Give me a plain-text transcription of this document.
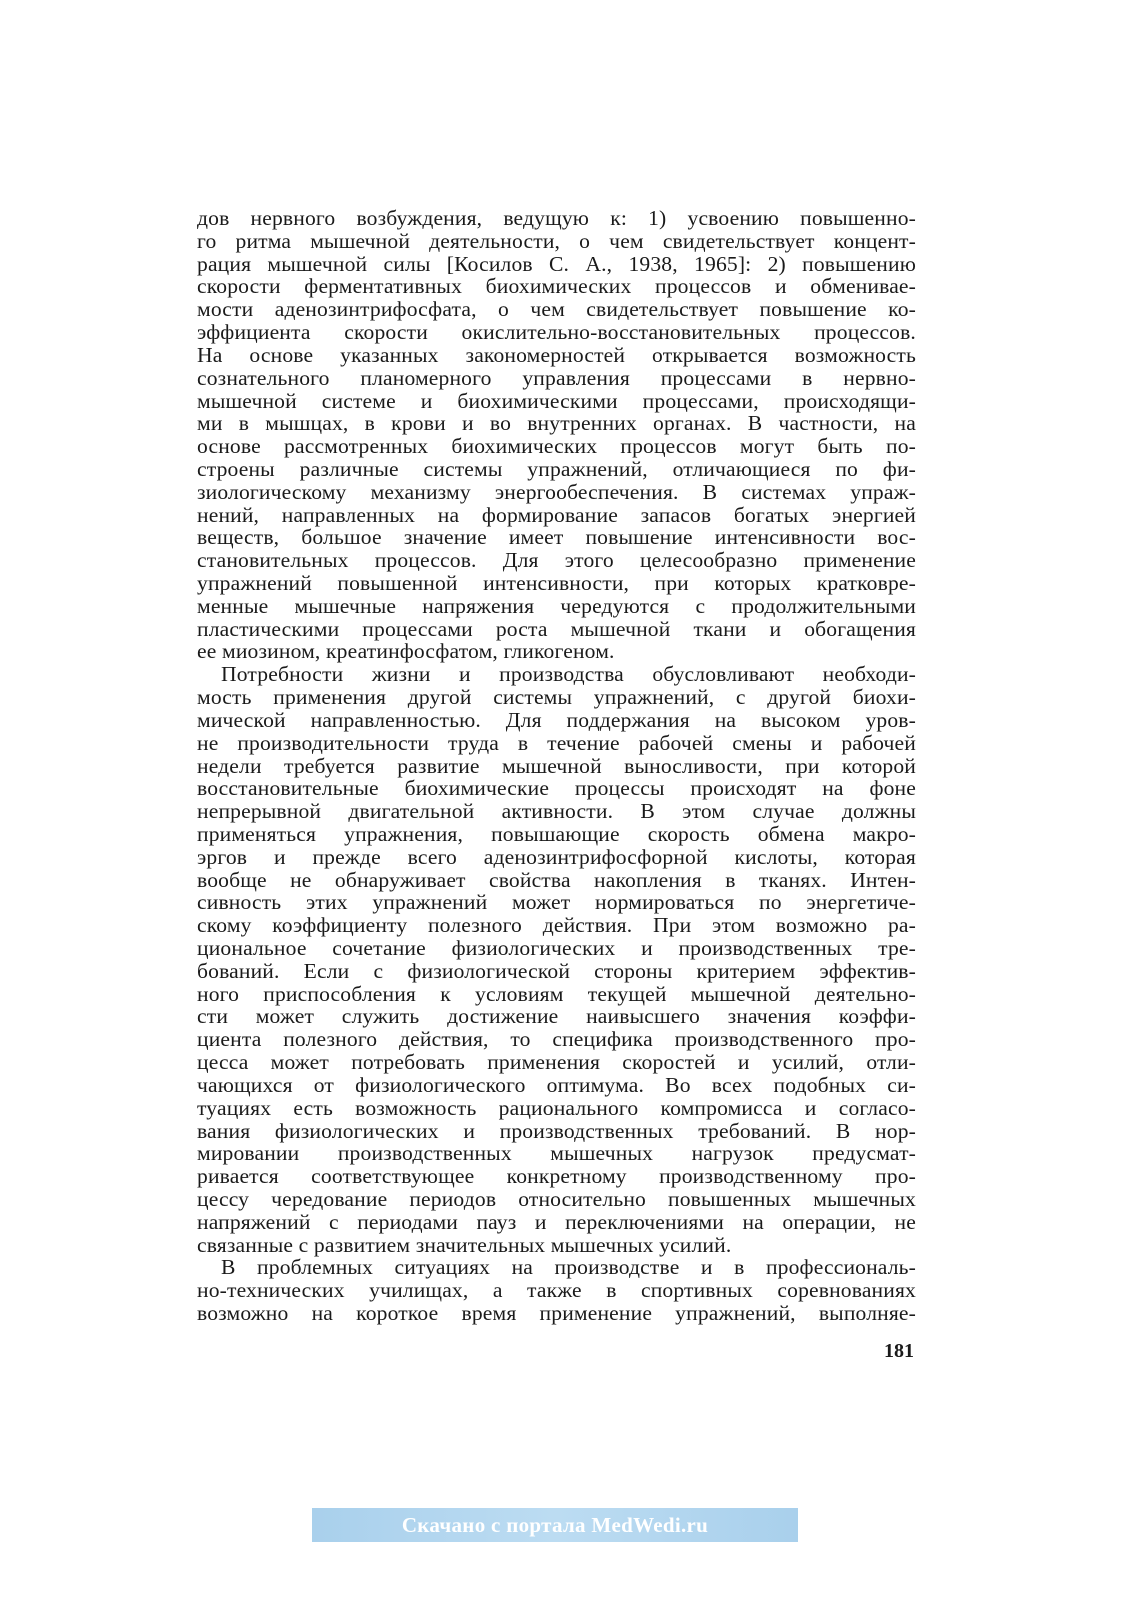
дов нервного возбуждения, ведущую к: 1) усвоению повышенно-
го ритма мышечной деятельности, о чем свидетельствует концент-
рация мышечной силы [Косилов С. А., 1938, 1965]: 2) повышению
скорости ферментативных биохимических процессов и обменивае-
мости аденозинтрифосфата, о чем свидетельствует повышение ко-
эффициента скорости окислительно-восстановительных процессов.
На основе указанных закономерностей открывается возможность
сознательного планомерного управления процессами в нервно-
мышечной системе и биохимическими процессами, происходящи-
ми в мышцах, в крови и во внутренних органах. В частности, на
основе рассмотренных биохимических процессов могут быть по-
строены различные системы упражнений, отличающиеся по фи-
зиологическому механизму энергообеспечения. В системах упраж-
нений, направленных на формирование запасов богатых энергией
веществ, большое значение имеет повышение интенсивности вос-
становительных процессов. Для этого целесообразно применение
упражнений повышенной интенсивности, при которых кратковре-
менные мышечные напряжения чередуются с продолжительными
пластическими процессами роста мышечной ткани и обогащения
ее миозином, креатинфосфатом, гликогеном.

Потребности жизни и производства обусловливают необходи-
мость применения другой системы упражнений, с другой биохи-
мической направленностью. Для поддержания на высоком уров-
не производительности труда в течение рабочей смены и рабочей
недели требуется развитие мышечной выносливости, при которой
восстановительные биохимические процессы происходят на фоне
непрерывной двигательной активности. В этом случае должны
применяться упражнения, повышающие скорость обмена макро-
эргов и прежде всего аденозинтрифосфорной кислоты, которая
вообще не обнаруживает свойства накопления в тканях. Интен-
сивность этих упражнений может нормироваться по энергетиче-
скому коэффициенту полезного действия. При этом возможно ра-
циональное сочетание физиологических и производственных тре-
бований. Если с физиологической стороны критерием эффектив-
ного приспособления к условиям текущей мышечной деятельно-
сти может служить достижение наивысшего значения коэффи-
циента полезного действия, то специфика производственного про-
цесса может потребовать применения скоростей и усилий, отли-
чающихся от физиологического оптимума. Во всех подобных си-
туациях есть возможность рационального компромисса и согласо-
вания физиологических и производственных требований. В нор-
мировании производственных мышечных нагрузок предусмат-
ривается соответствующее конкретному производственному про-
цессу чередование периодов относительно повышенных мышечных
напряжений с периодами пауз и переключениями на операции, не
связанные с развитием значительных мышечных усилий.

В проблемных ситуациях на производстве и в профессиональ-
но-технических училищах, а также в спортивных соревнованиях
возможно на короткое время применение упражнений, выполняе-

181
Скачано с портала MedWedi.ru
